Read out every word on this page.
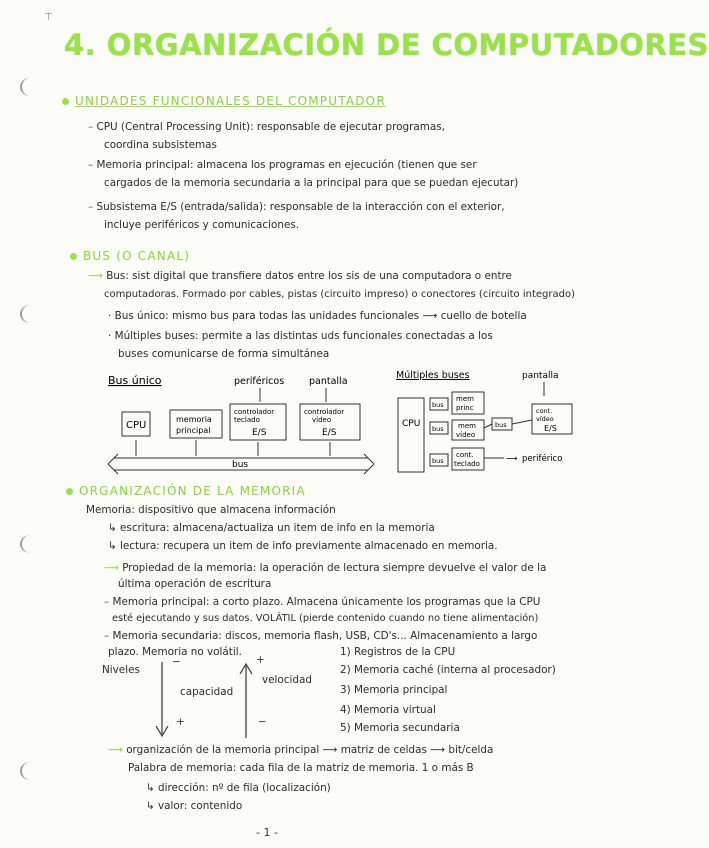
⊤
4. ORGANIZACIÓN DE COMPUTADORES
UNIDADES FUNCIONALES DEL COMPUTADOR
– CPU (Central Processing Unit): responsable de ejecutar programas,
coordina subsistemas
– Memoria principal: almacena los programas en ejecución (tienen que ser
cargados de la memoria secundaria a la principal para que se puedan ejecutar)
– Subsistema E/S (entrada/salida): responsable de la interacción con el exterior,
incluye periféricos y comunicaciones.
BUS (O CANAL)
⟶ Bus: sist digital que transfiere datos entre los sis de una computadora o entre
computadoras. Formado por cables, pistas (circuito impreso) o conectores (circuito integrado)
· Bus único: mismo bus para todas las unidades funcionales ⟶ cuello de botella
· Múltiples buses: permite a las distintas uds funcionales conectadas a los
buses comunicarse de forma simultánea
Bus único	periféricos	pantalla
CPU
memoria
principal
controlador
teclado
E/S
controlador
vídeo
E/S
bus
Múltiples buses	pantalla
CPU
bus
bus
bus
mem
princ
mem
vídeo
cont.
teclado
bus
cont.
vídeo
E/S
⟶ periférico
ORGANIZACIÓN DE LA MEMORIA
Memoria: dispositivo que almacena información
↳ escritura: almacena/actualiza un item de info en la memoria
↳ lectura: recupera un item de info previamente almacenado en memoria.
⟶ Propiedad de la memoria: la operación de lectura siempre devuelve el valor de la
última operación de escritura
– Memoria principal: a corto plazo. Almacena únicamente los programas que la CPU
esté ejecutando y sus datos. VOLÁTIL (pierde contenido cuando no tiene alimentación)
– Memoria secundaria: discos, memoria flash, USB, CD's... Almacenamiento a largo
plazo. Memoria no volátil.
Niveles
−
+
+
−
capacidad
velocidad
1) Registros de la CPU
2) Memoria caché (interna al procesador)
3) Memoria principal
4) Memoria virtual
5) Memoria secundaria
⟶ organización de la memoria principal ⟶ matriz de celdas ⟶ bit/celda
Palabra de memoria: cada fila de la matriz de memoria. 1 o más B
↳ dirección: nº de fila (localización)
↳ valor: contenido
- 1 -
